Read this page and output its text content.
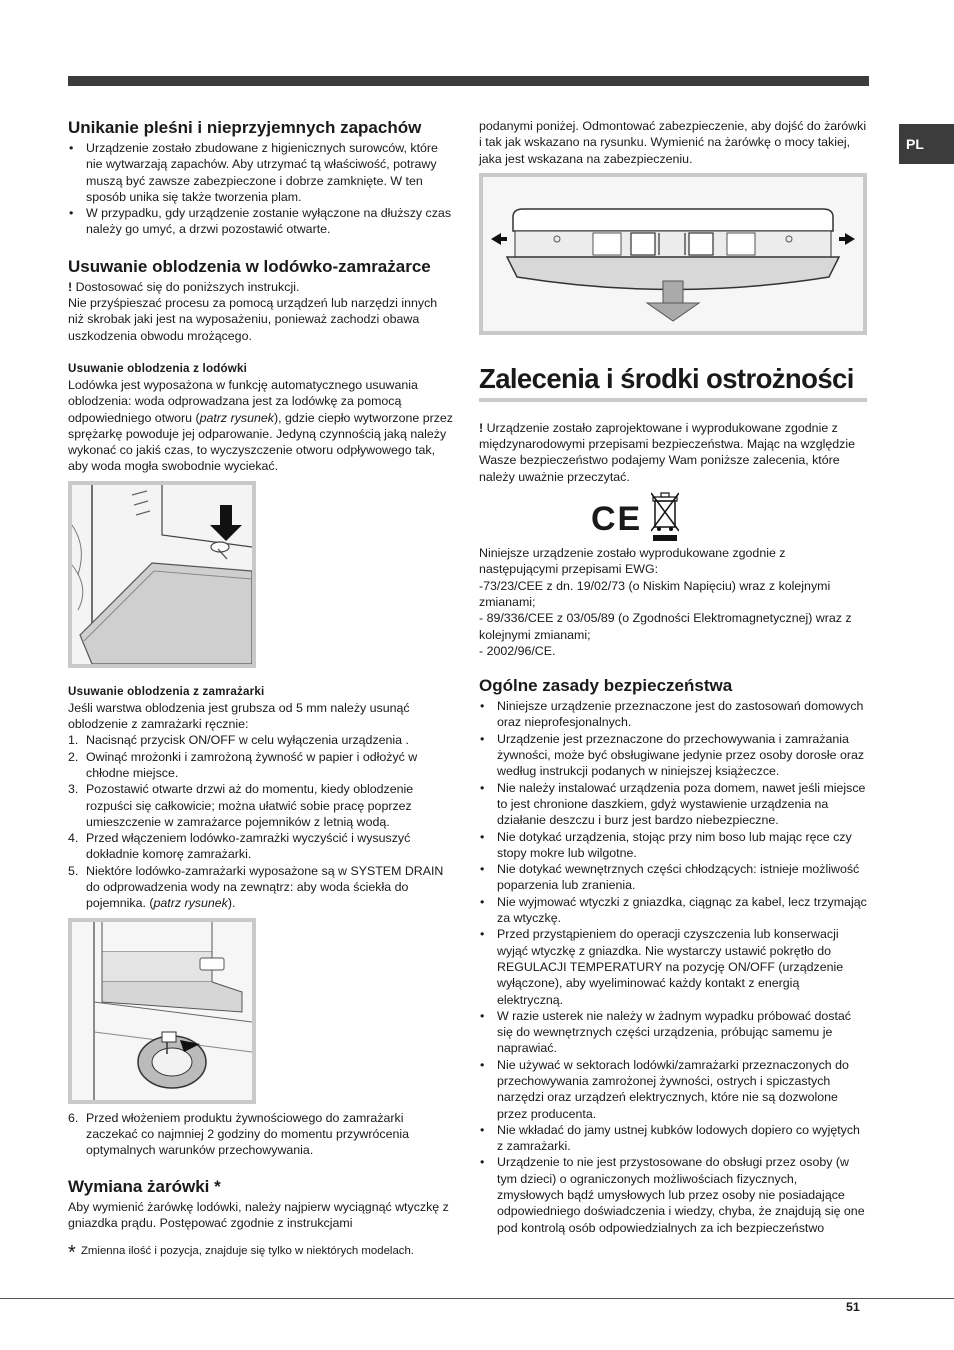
PL
Unikanie pleśni i nieprzyjemnych zapachów
• Urządzenie zostało zbudowane z higienicznych surowców, które nie wytwarzają zapachów. Aby utrzymać tą właściwość, potrawy muszą być zawsze zabezpieczone i dobrze zamknięte. W ten sposób unika się także tworzenia plam.
• W przypadku, gdy urządzenie zostanie wyłączone na dłuższy czas należy go umyć, a drzwi pozostawić otwarte.
Usuwanie oblodzenia w lodówko-zamrażarce

! Dostosować się do poniższych instrukcji.

Nie przyśpieszać procesu za pomocą urządzeń lub narzędzi innych niż skrobak jaki jest na wyposażeniu, ponieważ zachodzi obawa uszkodzenia obwodu mrożącego.

Usuwanie oblodzenia z lodówki

Lodówka jest wyposażona w funkcję automatycznego usuwania oblodzenia: woda odprowadzana jest za lodówkę za pomocą odpowiedniego otworu (patrz rysunek), gdzie ciepło wytworzone przez sprężarkę powoduje jej odparowanie. Jedyną czynnością jaką należy wykonać co jakiś czas, to wyczyszczenie otworu odpływowego tak, aby woda mogła swobodnie wyciekać.

Usuwanie oblodzenia z zamrażarki

Jeśli warstwa oblodzenia jest grubsza od 5 mm należy usunąć oblodzenie z zamrażarki ręcznie:

1. Nacisnąć przycisk ON/OFF w celu wyłączenia urządzenia .
2. Owinąć mrożonki i zamrożoną żywność w papier i odłożyć w chłodne miejsce.
3. Pozostawić otwarte drzwi aż do momentu, kiedy oblodzenie rozpuści się całkowicie; można ułatwić sobie pracę poprzez umieszczenie w zamrażarce pojemników z letnią wodą.
4. Przed włączeniem lodówko-zamrażki wyczyścić i wysuszyć dokładnie komorę zamrażarki.
5. Niektóre lodówko-zamrażarki wyposażone są w SYSTEM DRAIN do odprowadzenia wody na zewnątrz: aby woda ściekła do pojemnika. (patrz rysunek).
6. Przed włożeniem produktu żywnościowego do zamrażarki zaczekać co najmniej 2 godziny do momentu przywrócenia optymalnych warunków przechowywania.
Wymiana żarówki *

Aby wymienić żarówkę lodówki, należy najpierw wyciągnąć wtyczkę z gniazdka prądu. Postępować zgodnie z instrukcjami

podanymi poniżej. Odmontować zabezpieczenie, aby dojść do żarówki i tak jak wskazano na rysunku. Wymienić na żarówkę o mocy takiej, jaka jest wskazana na zabezpieczeniu.

Zalecenia i środki ostrożności

! Urządzenie zostało zaprojektowane i wyprodukowane zgodnie z międzynarodowymi przepisami bezpieczeństwa. Mając na względzie Wasze bezpieczeństwo podajemy Wam poniższe zalecenia, które należy uważnie przeczytać.

CE

Niniejsze urządzenie zostało wyprodukowane zgodnie z następującymi przepisami EWG:

-73/23/CEE z dn. 19/02/73 (o Niskim Napięciu) wraz z kolejnymi zmianami;

- 89/336/CEE z 03/05/89 (o Zgodności Elektromagnetycznej) wraz z kolejnymi zmianami;

- 2002/96/CE.

Ogólne zasady bezpieczeństwa
• Niniejsze urządzenie przeznaczone jest do zastosowań domowych oraz nieprofesjonalnych.
• Urządzenie jest przeznaczone do przechowywania i zamrażania żywności, może być obsługiwane jedynie przez osoby dorosłe oraz według instrukcji podanych w niniejszej książeczce.
• Nie należy instalować urządzenia poza domem, nawet jeśli miejsce to jest chronione daszkiem, gdyż wystawienie urządzenia na działanie deszczu i burz jest bardzo niebezpieczne.
• Nie dotykać urządzenia, stojąc przy nim boso lub mając ręce czy stopy mokre lub wilgotne.
• Nie dotykać wewnętrznych części chłodzących: istnieje możliwość poparzenia lub zranienia.
• Nie wyjmować wtyczki z gniazdka, ciągnąc za kabel, lecz trzymając za wtyczkę.
• Przed przystąpieniem do operacji czyszczenia lub konserwacji wyjąć wtyczkę z gniazdka. Nie wystarczy ustawić pokrętło do REGULACJI TEMPERATURY na pozycję ON/OFF (urządzenie wyłączone), aby wyeliminować każdy kontakt z energią elektryczną.
• W razie usterek nie należy w żadnym wypadku próbować dostać się do wewnętrznych części urządzenia, próbując samemu je naprawiać.
• Nie używać w sektorach lodówki/zamrażarki przeznaczonych do przechowywania zamrożonej żywności, ostrych i spiczastych narzędzi oraz urządzeń elektrycznych, które nie są dozwolone przez producenta.
• Nie wkładać do jamy ustnej kubków lodowych dopiero co wyjętych z zamrażarki.
• Urządzenie to nie jest przystosowane do obsługi przez osoby (w tym dzieci) o ograniczonych możliwościach fizycznych, zmysłowych bądź umysłowych lub przez osoby nie posiadające odpowiedniego doświadczenia i wiedzy, chyba, że znajdują się one pod kontrolą osób odpowiedzialnych za ich bezpieczeństwo
* Zmienna ilość i pozycja, znajduje się tylko w niektórych modelach.
51
